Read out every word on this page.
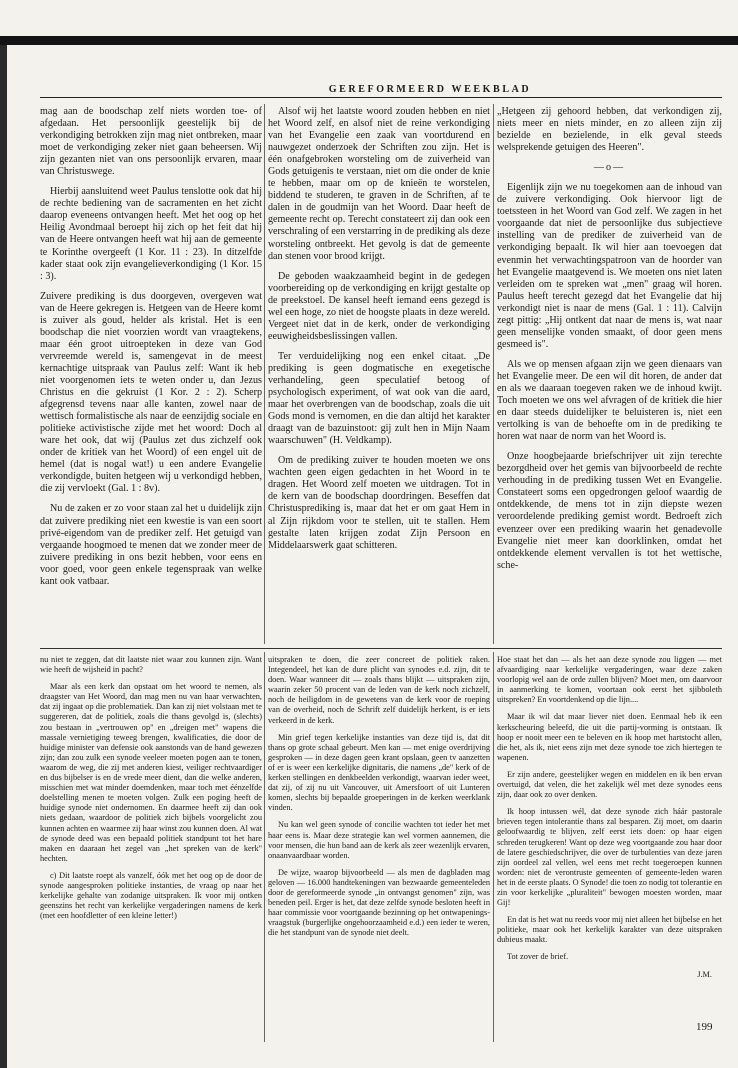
GEREFORMEERD WEEKBLAD

mag aan de boodschap zelf niets worden toe- of afgedaan. Het persoonlijk geestelijk bij de verkondiging betrokken zijn mag niet ontbreken, maar moet de verkondiging zeker niet gaan beheersen. Wij zijn gezanten niet van ons persoonlijk ervaren, maar van Christuswege.

Hierbij aansluitend weet Paulus tenslotte ook dat hij de rechte bediening van de sacramenten en het zicht daarop eveneens ontvangen heeft. Met het oog op het Heilig Avondmaal beroept hij zich op het feit dat hij van de Heere ontvangen heeft wat hij aan de gemeente te Korinthe overgeeft (1 Kor. 11 : 23). In ditzelfde kader staat ook zijn evangelieverkondiging (1 Kor. 15 : 3).

Zuivere prediking is dus doorgeven, overgeven wat van de Heere gekregen is. Hetgeen van de Heere komt is zuiver als goud, helder als kristal. Het is een boodschap die niet voorzien wordt van vraagtekens, maar één groot uitroepteken in deze van God vervreemde wereld is, samengevat in de meest kernachtige uitspraak van Paulus zelf: Want ik heb niet voorgenomen iets te weten onder u, dan Jezus Christus en die gekruist (1 Kor. 2 : 2). Scherp afgegrensd tevens naar alle kanten, zowel naar de wettisch formalistische als naar de eenzijdig sociale en politieke activistische zijde met het woord: Doch al ware het ook, dat wij (Paulus zet dus zichzelf ook onder de kritiek van het Woord) of een engel uit de hemel (dat is nogal wat!) u een andere Evangelie verkondigde, buiten hetgeen wij u verkondigd hebben, die zij vervloekt (Gal. 1 : 8v).

Nu de zaken er zo voor staan zal het u duidelijk zijn dat zuivere prediking niet een kwestie is van een soort privé-eigendom van de prediker zelf. Het getuigd van vergaande hoogmoed te menen dat we zonder meer de zuivere prediking in ons bezit hebben, voor eens en voor goed, voor geen enkele tegenspraak van welke kant ook vatbaar.

Alsof wij het laatste woord zouden hebben en niet het Woord zelf, en alsof niet de reine verkondiging van het Evangelie een zaak van voortdurend en nauwgezet onderzoek der Schriften zou zijn. Het is één onafgebroken worsteling om de zuiverheid van Gods getuigenis te verstaan, niet om die onder de knie te hebben, maar om op de knieën te worstelen, biddend te studeren, te graven in de Schriften, af te dalen in de goudmijn van het Woord. Daar heeft de gemeente recht op. Terecht constateert zij dan ook een verschraling of een verstarring in de prediking als deze worsteling ontbreekt. Het gevolg is dat de gemeente dan stenen voor brood krijgt.

De geboden waakzaamheid begint in de gedegen voorbereiding op de verkondiging en krijgt gestalte op de preekstoel. De kansel heeft iemand eens gezegd is wel een hoge, zo niet de hoogste plaats in deze wereld. Vergeet niet dat in de kerk, onder de verkondiging eeuwigheidsbeslissingen vallen.

Ter verduidelijking nog een enkel citaat. „De prediking is geen dogmatische en exegetische verhandeling, geen speculatief betoog of psychologisch experiment, of wat ook van die aard, maar het overbrengen van de boodschap, zoals die uit Gods mond is vernomen, en die dan altijd het karakter draagt van de bazuinstoot: gij zult hen in Mijn Naam waarschuwen" (H. Veldkamp).

Om de prediking zuiver te houden moeten we ons wachten geen eigen gedachten in het Woord in te dragen. Het Woord zelf moeten we uitdragen. Tot in de kern van de boodschap doordringen. Beseffen dat Christusprediking is, maar dat het er om gaat Hem in al Zijn rijkdom voor te stellen, uit te stallen. Hem gestalte laten krijgen zodat Zijn Persoon en Middelaarswerk gaat schitteren.

„Hetgeen zij gehoord hebben, dat verkondigen zij, niets meer en niets minder, en zo alleen zijn zij bezielde en bezielende, in elk geval steeds welsprekende getuigen des Heeren".

—o—

Eigenlijk zijn we nu toegekomen aan de inhoud van de zuivere verkondiging. Ook hiervoor ligt de toetssteen in het Woord van God zelf. We zagen in het voorgaande dat niet de persoonlijke dus subjectieve instelling van de prediker de zuiverheid van de verkondiging bepaalt. Ik wil hier aan toevoegen dat evenmin het verwachtingspatroon van de hoorder van het Evangelie maatgevend is. We moeten ons niet laten verleiden om te spreken wat „men" graag wil horen. Paulus heeft terecht gezegd dat het Evangelie dat hij verkondigt niet is naar de mens (Gal. 1 : 11). Calvijn zegt pittig: „Hij ontkent dat naar de mens is, wat naar geen menselijke vonden smaakt, of door geen mens gesmeed is".

Als we op mensen afgaan zijn we geen dienaars van het Evangelie meer. De een wil dit horen, de ander dat en als we daaraan toegeven raken we de inhoud kwijt. Toch moeten we ons wel afvragen of de kritiek die hier en daar steeds duidelijker te beluisteren is, niet een vertolking is van de behoefte om in de prediking te horen wat naar de norm van het Woord is.

Onze hoogbejaarde briefschrijver uit zijn terechte bezorgdheid over het gemis van bijvoorbeeld de rechte verhouding in de prediking tussen Wet en Evangelie. Constateert soms een opgedrongen geloof waardig de ontdekkende, de mens tot in zijn diepste wezen veroordelende prediking gemist wordt. Bedroeft zich evenzeer over een prediking waarin het genadevolle Evangelie niet meer kan doorklinken, omdat het ontdekkende element vervallen is tot het wettische, sche-

nu niet te zeggen, dat dit laatste niet waar zou kunnen zijn. Want wie heeft de wijsheid in pacht?

Maar als een kerk dan opstaat om het woord te nemen, als draagster van Het Woord, dan mag men nu van haar verwachten, dat zij ingaat op die problematiek. Dan kan zij niet volstaan met te suggereren, dat de politiek, zoals die thans gevolgd is, (slechts) zou bestaan in „vertrouwen op" en „dreigen met" wapens die massale vernietiging teweeg brengen, kwalificaties, die door de huidige minister van defensie ook aanstonds van de hand gewezen zijn; dan zou zulk een synode veeleer moeten pogen aan te tonen, waarom de weg, die zij met anderen kiest, veiliger rechtvaardiger en dus bijbelser is en de vrede meer dient, dan die welke anderen, misschien met wat minder doemdenken, maar toch met éénzelfde doelstelling menen te moeten volgen. Zulk een poging heeft de huidige synode niet ondernomen. En daarmee heeft zij dan ook niets gedaan, waardoor de politiek zich bijbels voorgelicht zou kunnen achten en waarmee zij haar winst zou kunnen doen. Al wat de synode deed was een bepaald politiek standpunt tot het hare maken en daaraan het zegel van „het spreken van de kerk" hechten.

c) Dit laatste roept als vanzelf, óók met het oog op de door de synode aangesproken politieke instanties, de vraag op naar het kerkelijke gehalte van zodanige uitspraken. Ik voor mij ontken geenszins het recht van kerkelijke vergaderingen namens de kerk (met een hoofdletter of een kleine letter!)

uitspraken te doen, die zeer concreet de politiek raken. Integendeel, het kan de dure plicht van synodes e.d. zijn, dit te doen. Waar wanneer dit — zoals thans blijkt — uitspraken zijn, waarin zeker 50 procent van de leden van de kerk noch zichzelf, noch de heiligdom in de gewetens van de kerk voor de roeping van de overheid, noch de Schrift zelf duidelijk herkent, is er iets verkeerd in de kerk.

Min grief tegen kerkelijke instanties van deze tijd is, dat dit thans op grote schaal gebeurt. Men kan — met enige overdrijving gesproken — in deze dagen geen krant opslaan, geen tv aanzetten of er is weer een kerkelijke dignitaris, die namens „de" kerk of de kerken stellingen en denkbeelden verkondigt, waarvan ieder weet, dat zij, of zij nu uit Vancouver, uit Amersfoort of uit Lunteren komen, slechts bij bepaalde groeperingen in de kerken weerklank vinden.

Nu kan wel geen synode of concilie wachten tot ieder het met haar eens is. Maar deze strategie kan wel vormen aannemen, die voor mensen, die hun band aan de kerk als zeer wezenlijk ervaren, onaanvaardbaar worden.

De wijze, waarop bijvoorbeeld — als men de dagbladen mag geloven — 16.000 handtekeningen van bezwaarde gemeenteleden door de gereformeerde synode „in ontvangst genomen" zijn, was beneden peil. Erger is het, dat deze zelfde synode besloten heeft in haar commissie voor voortgaande bezinning op het ontwapenings-vraagstuk (burgerlijke ongehoorzaamheid e.d.) een ieder te weren, die het standpunt van de synode niet deelt.

Hoe staat het dan — als het aan deze synode zou liggen — met afvaardiging naar kerkelijke vergaderingen, waar deze zaken voorlopig wel aan de orde zullen blijven? Moet men, om daarvoor in aanmerking te komen, voortaan ook eerst het sjibboleth uitspreken? En voortdenkend op die lijn....

Maar ik wil dat maar liever niet doen. Eenmaal heb ik een kerkscheuring beleefd, die uit die partij-vorming is ontstaan. Ik hoop er nooit meer een te beleven en ik hoop met hartstocht allen, die het, als ik, niet eens zijn met deze synode toe zich hiertegen te wapenen.

Er zijn andere, geestelijker wegen en middelen en ik ben ervan overtuigd, dat velen, die het zakelijk wél met deze synodes eens zijn, daar ook zo over denken.

Ik hoop intussen wél, dat deze synode zich háár pastorale brieven tegen intolerantie thans zal besparen. Zij moet, om daarin geloofwaardig te blijven, zelf eerst iets doen: op haar eigen schreden terugkeren! Want op deze weg voortgaande zou haar door de latere geschiedschrijver, die over de turbulenties van deze jaren zijn oordeel zal vellen, wel eens met recht toegeroepen kunnen worden: niet de verontruste gemeenten of gemeente-leden waren het in de eerste plaats. O Synode! die toen zo nodig tot tolerantie en zin voor kerkelijke „pluraliteit" bewogen moesten worden, maar Gij!

En dat is het wat nu reeds voor mij niet alleen het bijbelse en het politieke, maar ook het kerkelijk karakter van deze uitspraken dubieus maakt.

Tot zover de brief.

J.M.
199
